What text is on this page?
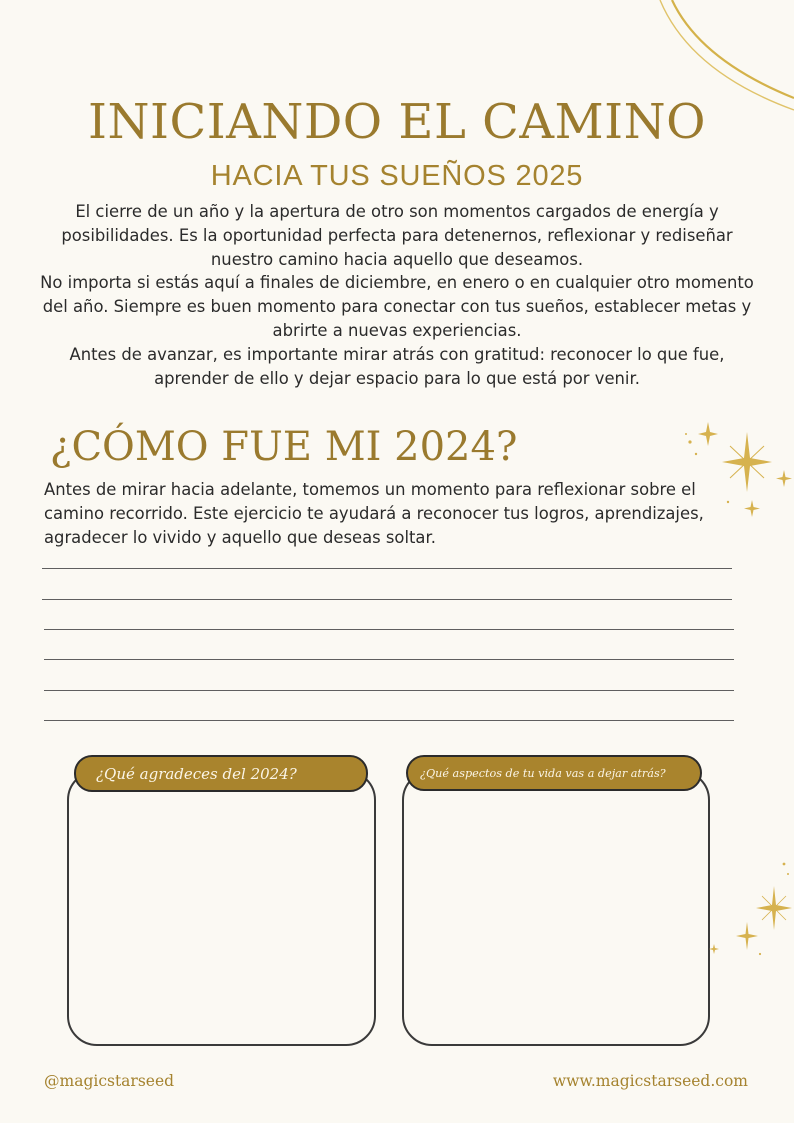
INICIANDO EL CAMINO
HACIA TUS SUEÑOS 2025

El cierre de un año y la apertura de otro son momentos cargados de energía y posibilidades. Es la oportunidad perfecta para detenernos, reflexionar y rediseñar nuestro camino hacia aquello que deseamos.

No importa si estás aquí a finales de diciembre, en enero o en cualquier otro momento del año. Siempre es buen momento para conectar con tus sueños, establecer metas y abrirte a nuevas experiencias.

Antes de avanzar, es importante mirar atrás con gratitud: reconocer lo que fue, aprender de ello y dejar espacio para lo que está por venir.

¿CÓMO FUE MI 2024?
Antes de mirar hacia adelante, tomemos un momento para reflexionar sobre el camino recorrido. Este ejercicio te ayudará a reconocer tus logros, aprendizajes, agradecer lo vivido y aquello que deseas soltar.
¿Qué agradeces del 2024?	¿Qué aspectos de tu vida vas a dejar atrás?
@magicstarseed	www.magicstarseed.com
